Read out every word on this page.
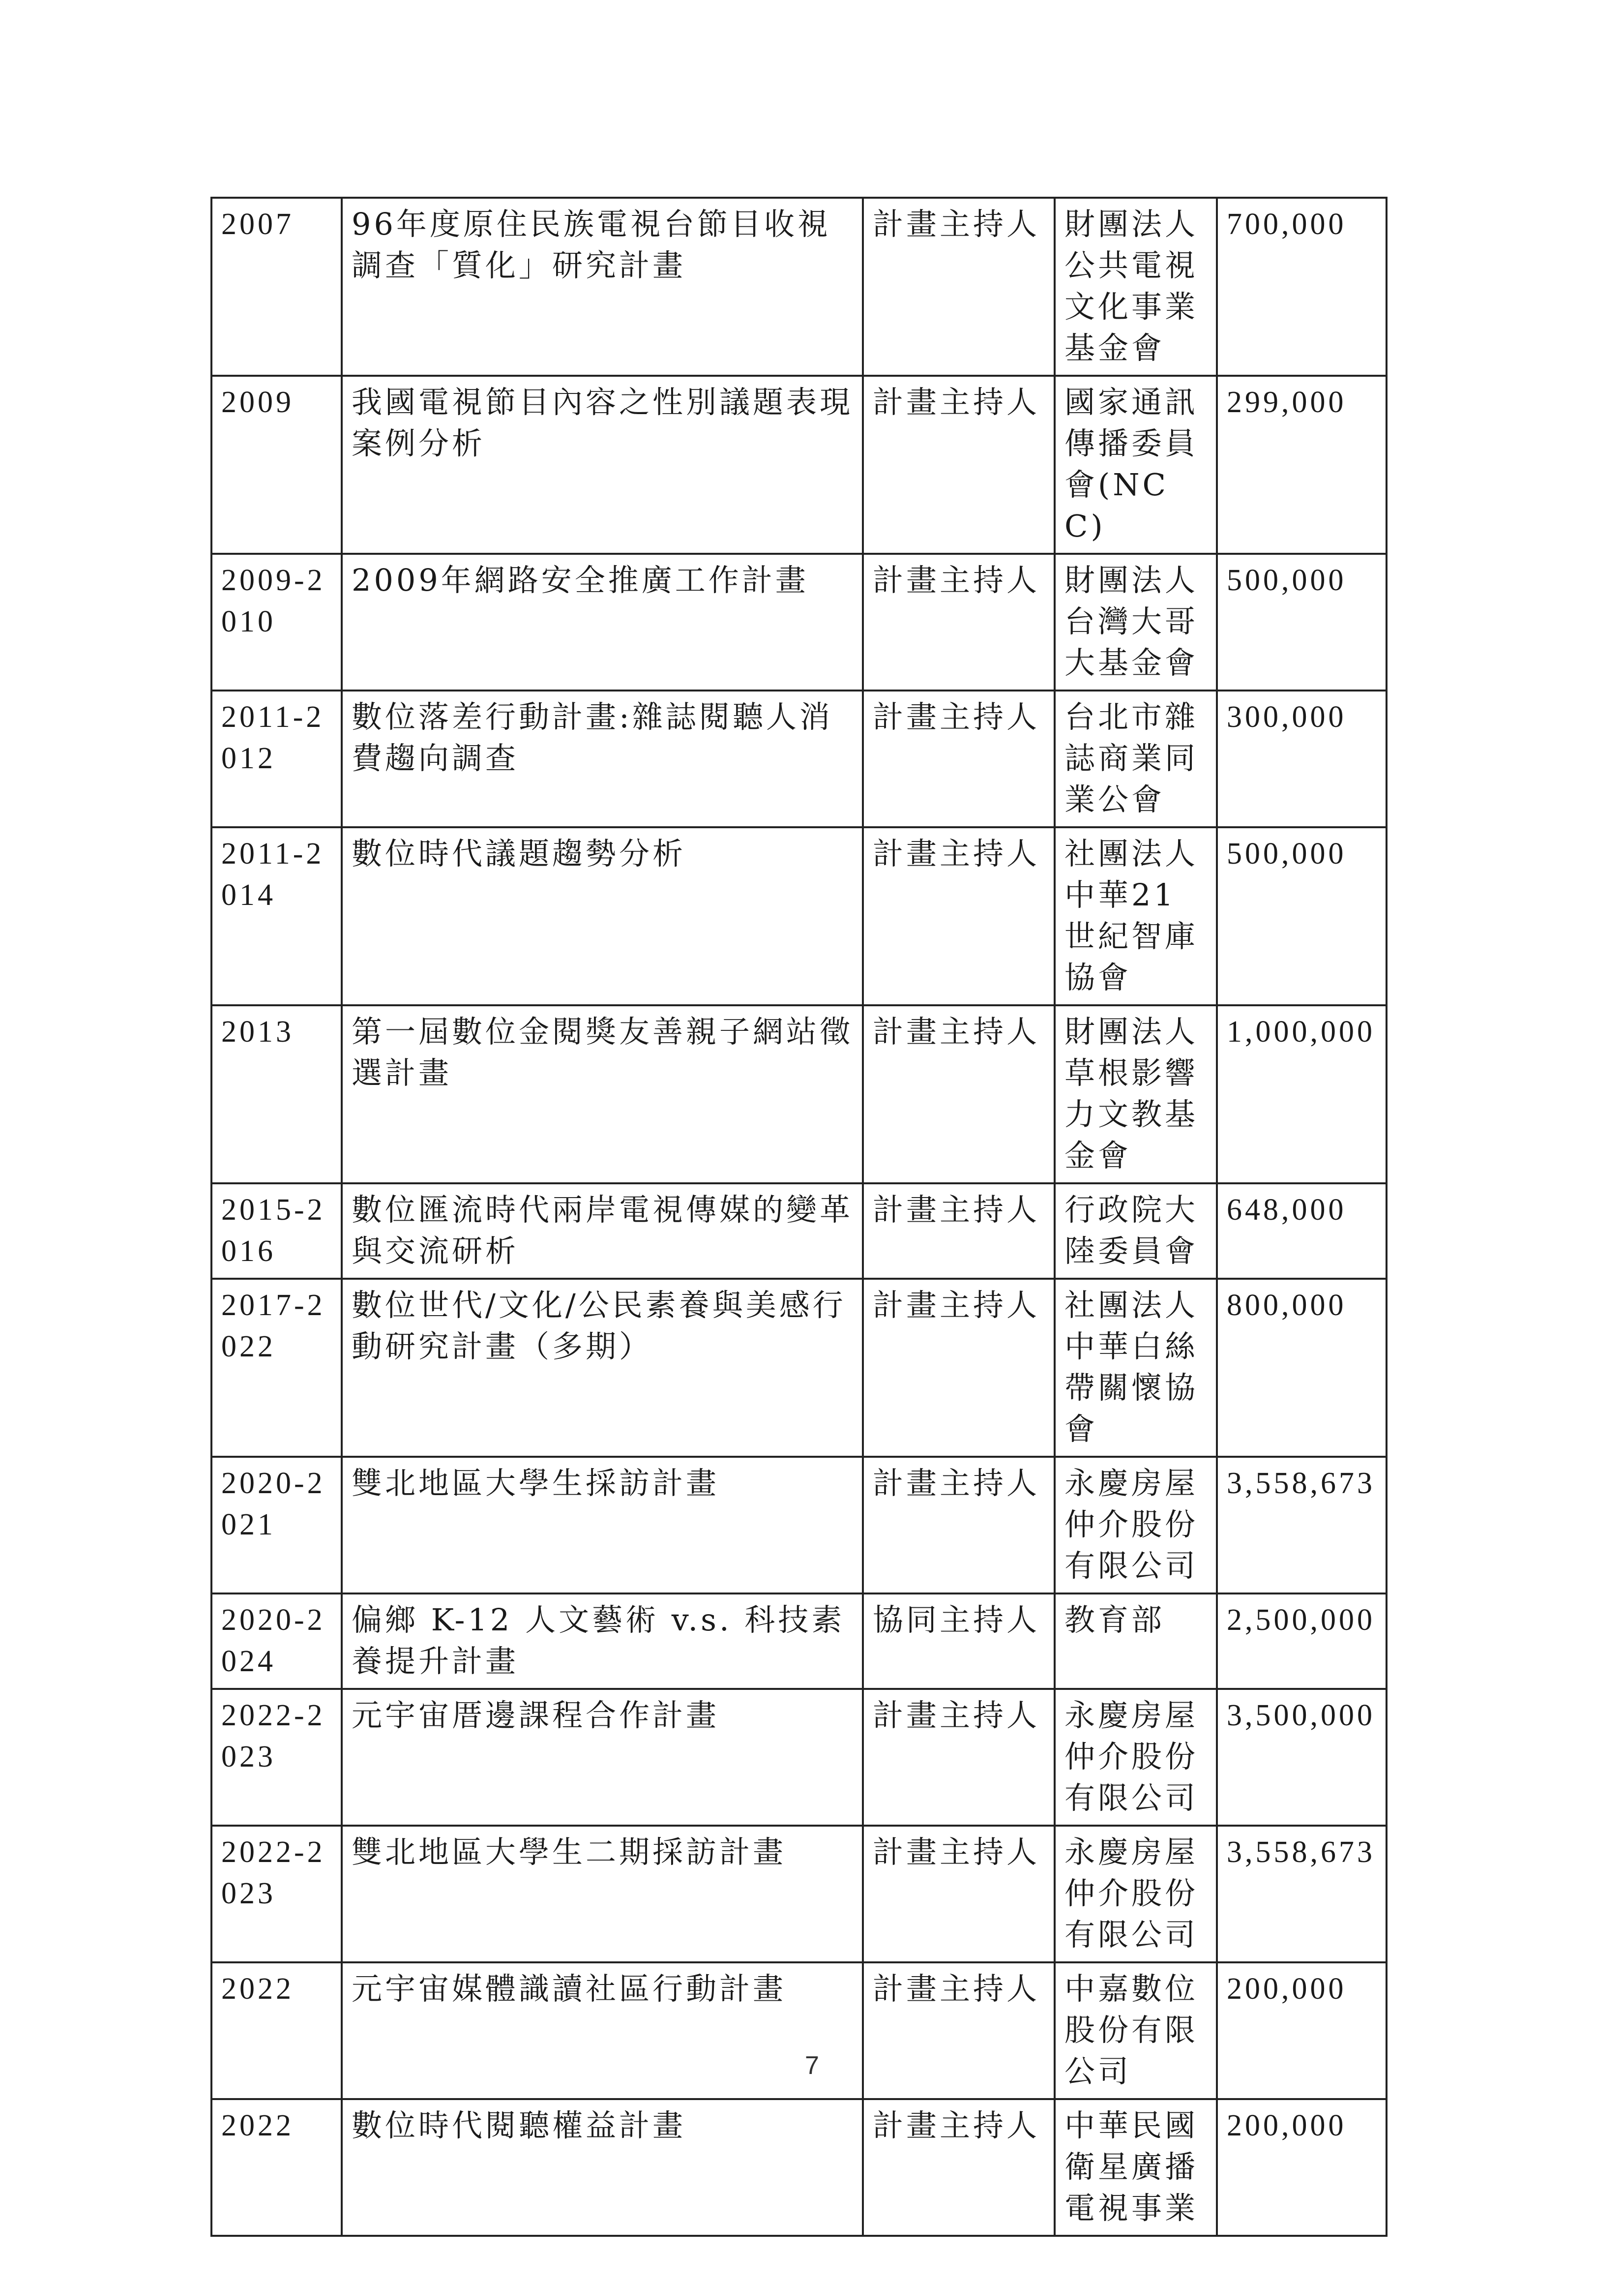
2007	96年度原住民族電視台節目收視調查「質化」研究計畫	計畫主持人	財團法人公共電視文化事業基金會	700,000
2009	我國電視節目內容之性別議題表現案例分析	計畫主持人	國家通訊傳播委員會(NCC)	299,000
2009-2010	2009年網路安全推廣工作計畫	計畫主持人	財團法人台灣大哥大基金會	500,000
2011-2012	數位落差行動計畫:雜誌閱聽人消費趨向調查	計畫主持人	台北市雜誌商業同業公會	300,000
2011-2014	數位時代議題趨勢分析	計畫主持人	社團法人中華21世紀智庫協會	500,000
2013	第一屆數位金閱獎友善親子網站徵選計畫	計畫主持人	財團法人草根影響力文教基金會	1,000,000
2015-2016	數位匯流時代兩岸電視傳媒的變革與交流研析	計畫主持人	行政院大陸委員會	648,000
2017-2022	數位世代/文化/公民素養與美感行動研究計畫（多期）	計畫主持人	社團法人中華白絲帶關懷協會	800,000
2020-2021	雙北地區大學生採訪計畫	計畫主持人	永慶房屋仲介股份有限公司	3,558,673
2020-2024	偏鄉 K-12 人文藝術 v.s. 科技素養提升計畫	協同主持人	教育部	2,500,000
2022-2023	元宇宙厝邊課程合作計畫	計畫主持人	永慶房屋仲介股份有限公司	3,500,000
2022-2023	雙北地區大學生二期採訪計畫	計畫主持人	永慶房屋仲介股份有限公司	3,558,673
2022	元宇宙媒體識讀社區行動計畫	計畫主持人	中嘉數位股份有限公司	200,000
2022	數位時代閱聽權益計畫	計畫主持人	中華民國衛星廣播電視事業	200,000
7
